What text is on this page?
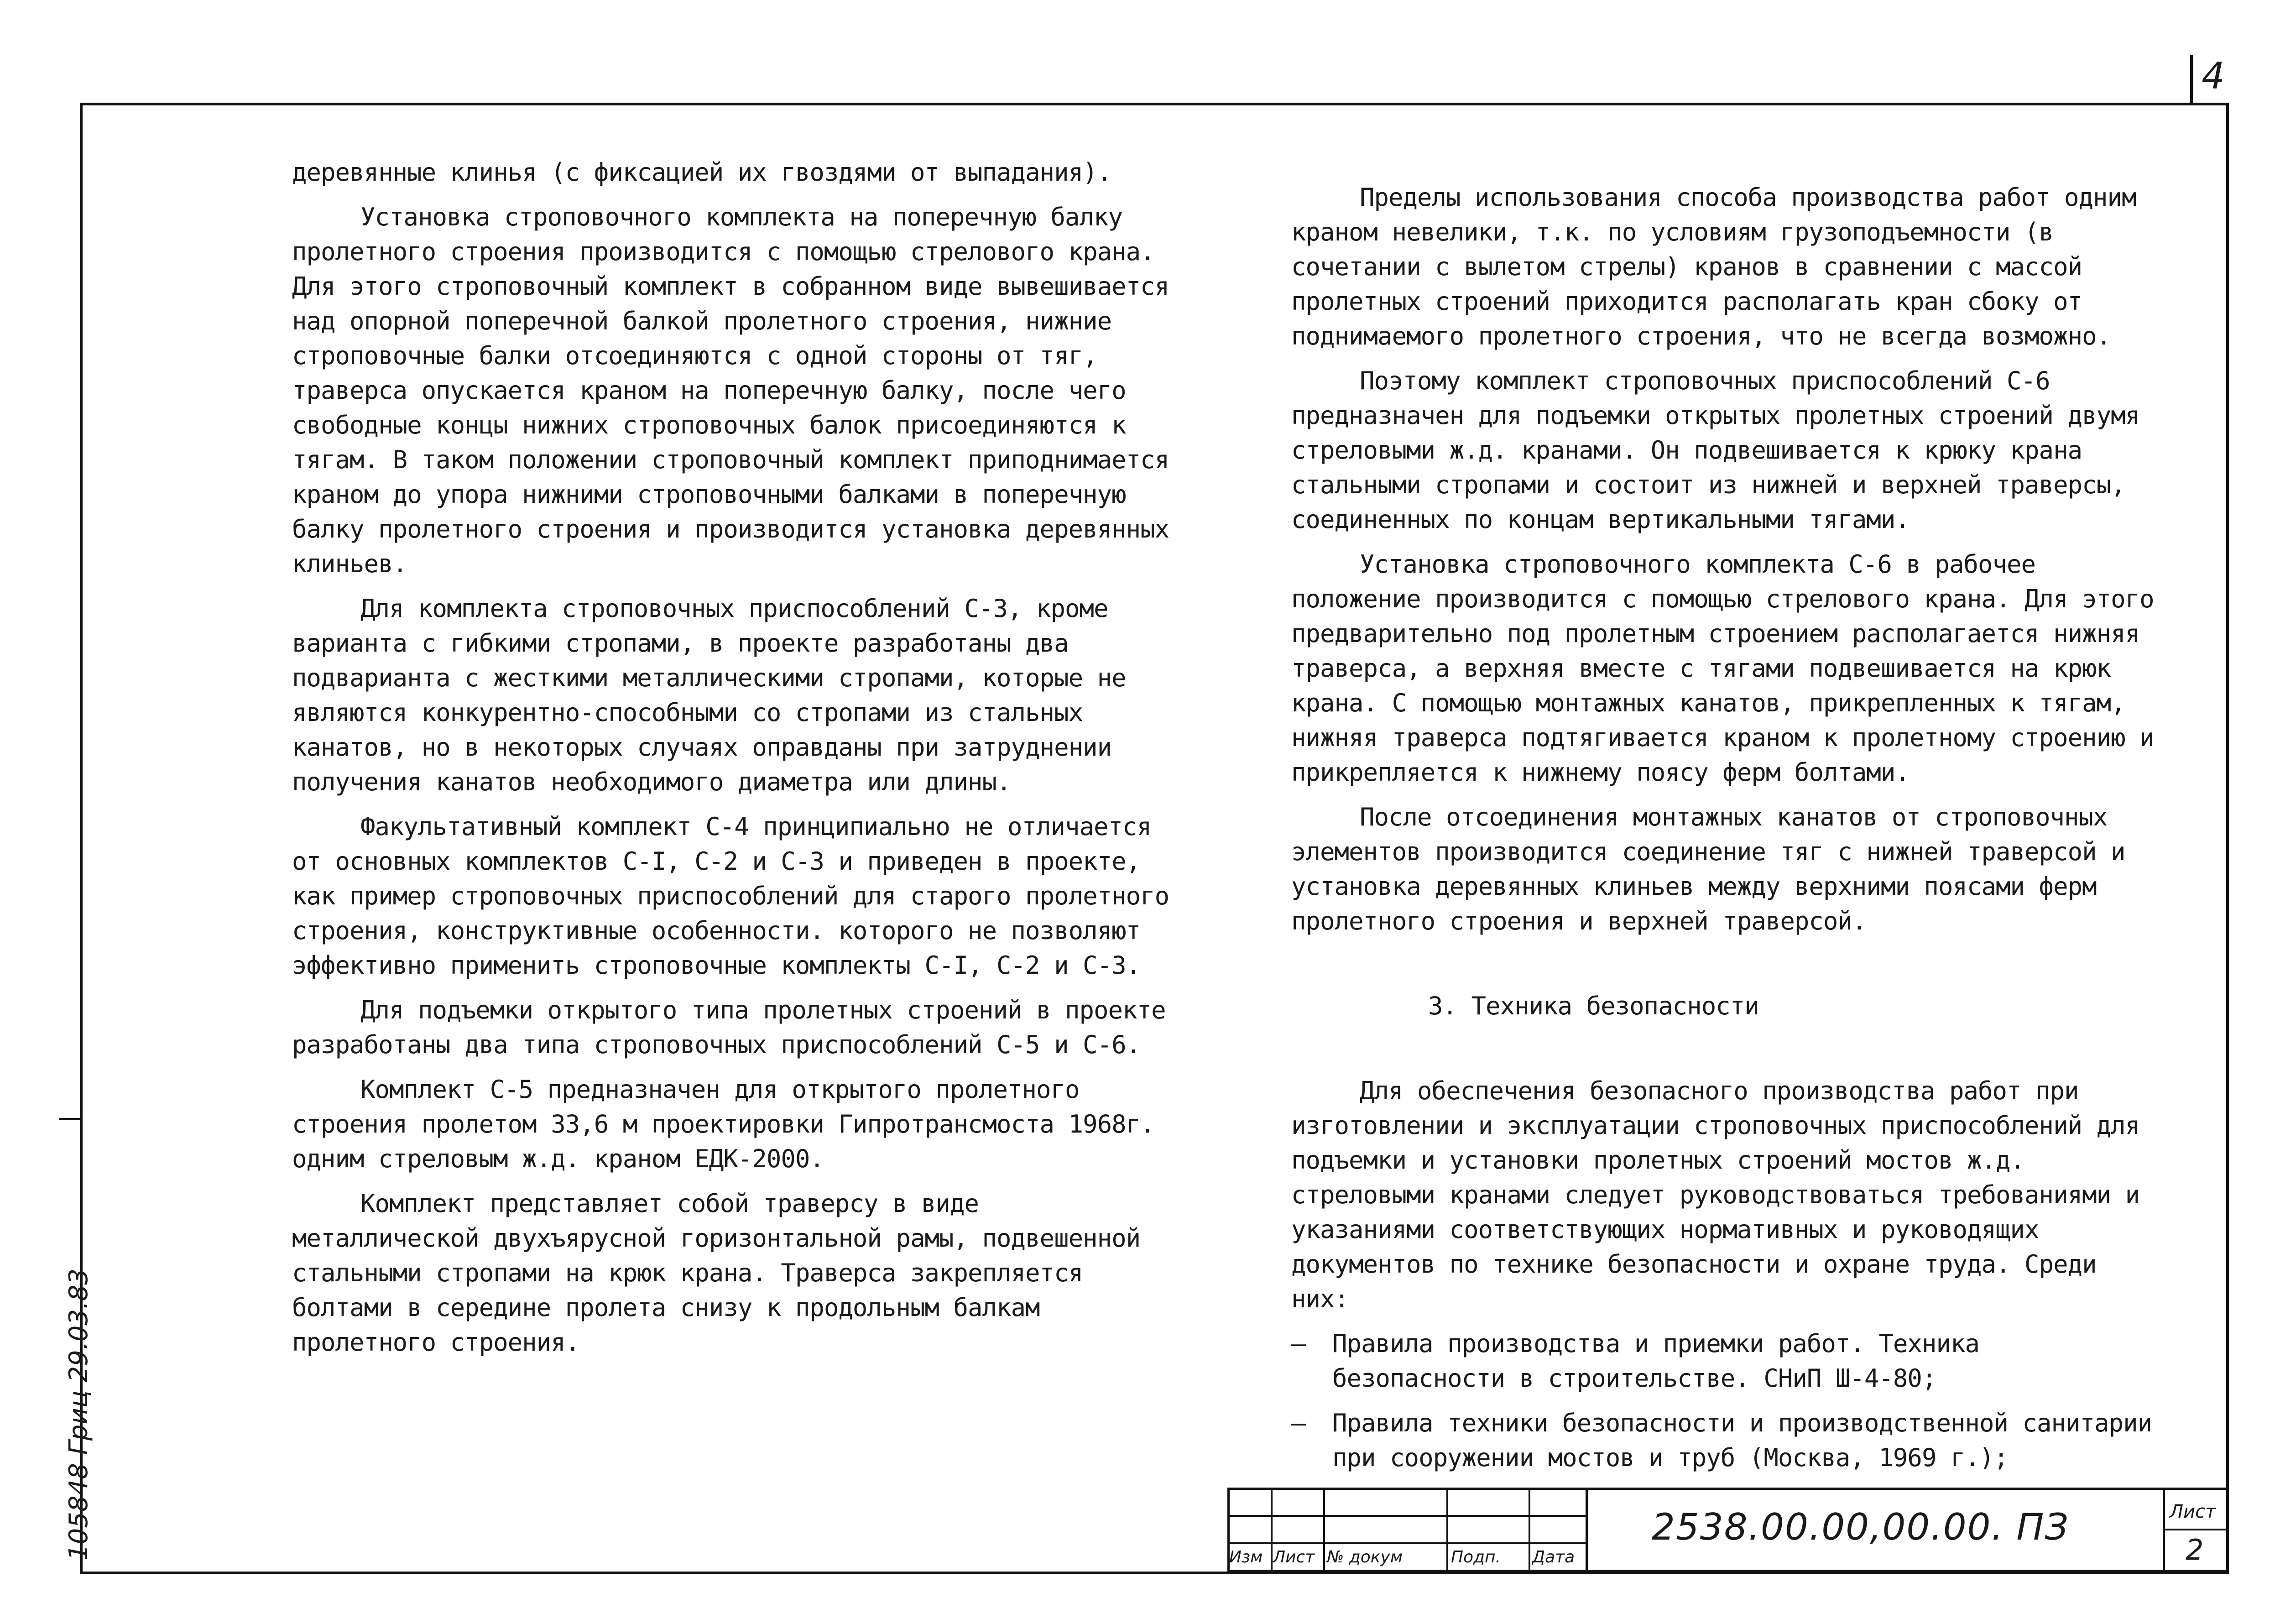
4
105848 Гриц 29.03.83

деревянные клинья (с фиксацией их гвоздями от выпадания).

Установка строповочного комплекта на поперечную балку пролетного строения производится с помощью стрелового крана. Для этого строповочный комплект в собранном виде вывешивается над опорной поперечной балкой пролетного строения, нижние строповочные балки отсоединяются с одной стороны от тяг, траверса опускается краном на поперечную балку, после чего свободные концы нижних строповочных балок присоединяются к тягам. В таком положении строповочный комплект приподнимается краном до упора нижними строповочными балками в поперечную балку пролетного строения и производится установка деревянных клиньев.

Для комплекта строповочных приспособлений С-3, кроме варианта с гибкими стропами, в проекте разработаны два подварианта с жесткими металлическими стропами, которые не являются конкурентно-способными со стропами из стальных канатов, но в некоторых случаях оправданы при затруднении получения канатов необходимого диаметра или длины.

Факультативный комплект С-4 принципиально не отличается от основных комплектов С-I, С-2 и С-3 и приведен в проекте, как пример строповочных приспособлений для старого пролетного строения, конструктивные особенности. которого не позволяют эффективно применить строповочные комплекты С-I, С-2 и С-3.

Для подъемки открытого типа пролетных строений в проекте разработаны два типа строповочных приспособлений С-5 и С-6.

Комплект С-5 предназначен для открытого пролетного строения пролетом 33,6 м проектировки Гипротрансмоста 1968г. одним стреловым ж.д. краном ЕДК-2000.

Комплект представляет собой траверсу в виде металлической двухъярусной горизонтальной рамы, подвешенной стальными стропами на крюк крана. Траверса закрепляется болтами в середине пролета снизу к продольным балкам пролетного строения.

Пределы использования способа производства работ одним краном невелики, т.к. по условиям грузоподъемности (в сочетании с вылетом стрелы) кранов в сравнении с массой пролетных строений приходится располагать кран сбоку от поднимаемого пролетного строения, что не всегда возможно.

Поэтому комплект строповочных приспособлений С-6 предназначен для подъемки открытых пролетных строений двумя стреловыми ж.д. кранами. Он подвешивается к крюку крана стальными стропами и состоит из нижней и верхней траверсы, соединенных по концам вертикальными тягами.

Установка строповочного комплекта С-6 в рабочее положение производится с помощью стрелового крана. Для этого предварительно под пролетным строением располагается нижняя траверса, а верхняя вместе с тягами подвешивается на крюк крана. С помощью монтажных канатов, прикрепленных к тягам, нижняя траверса подтягивается краном к пролетному строению и прикрепляется к нижнему поясу ферм болтами.

После отсоединения монтажных канатов от строповочных элементов производится соединение тяг с нижней траверсой и установка деревянных клиньев между верхними поясами ферм пролетного строения и верхней траверсой.

3. Техника безопасности

Для обеспечения безопасного производства работ при изготовлении и эксплуатации строповочных приспособлений для подъемки и установки пролетных строений мостов ж.д. стреловыми кранами следует руководствоваться требованиями и указаниями соответствующих нормативных и руководящих документов по технике безопасности и охране труда. Среди них:

–	Правила производства и приемки работ. Техника безопасности в строительстве. СНиП Ш-4-80;
–	Правила техники безопасности и производственной санитарии при сооружении мостов и труб (Москва, 1969 г.);
Изм Лист № докум	Подп. Дата
2538.00.00,00.00. ПЗ	Лист
2
